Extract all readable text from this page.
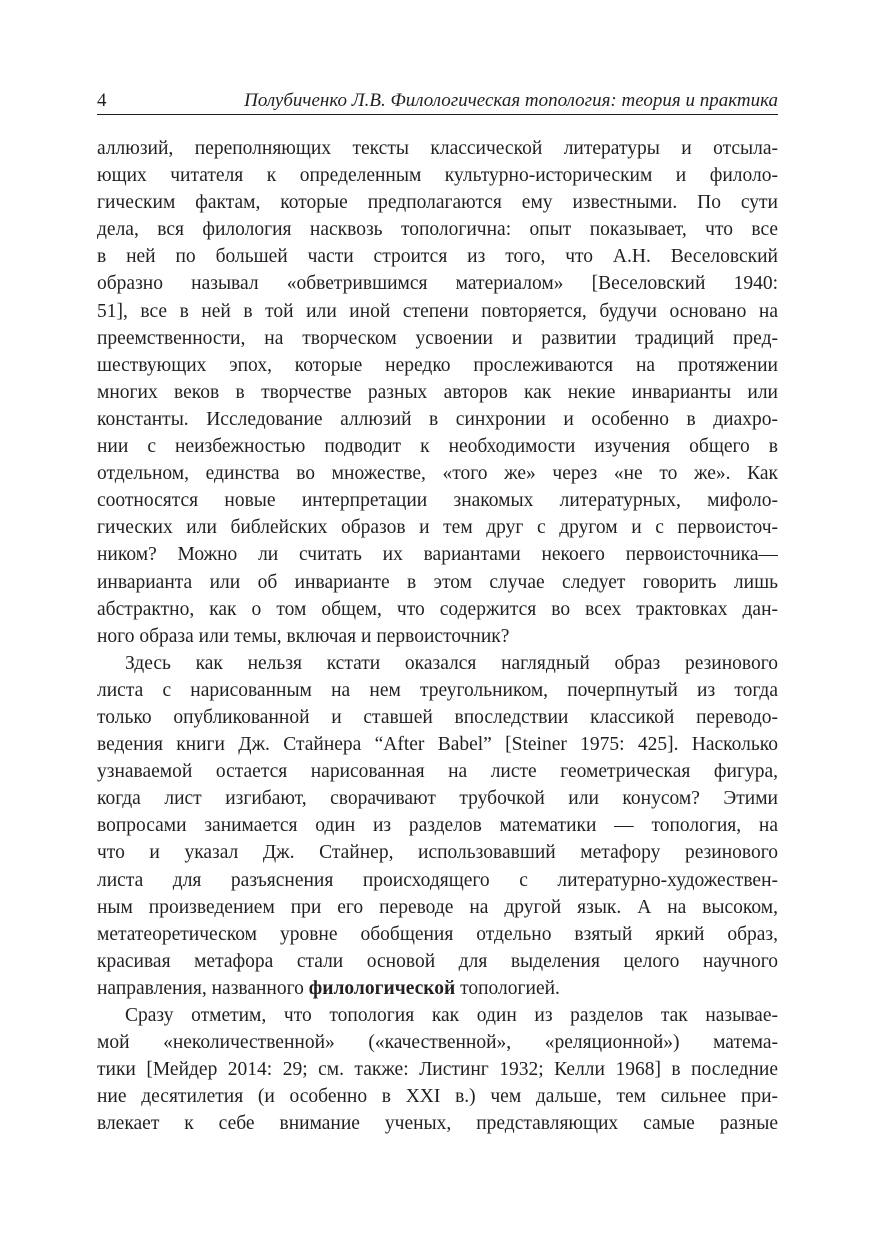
4	Полубиченко Л.В. Филологическая топология: теория и практика
аллюзий, переполняющих тексты классической литературы и отсыла-
ющих читателя к определенным культурно-историческим и филоло-
гическим фактам, которые предполагаются ему известными. По сути
дела, вся филология насквозь топологична: опыт показывает, что все
в ней по большей части строится из того, что А.Н. Веселовский
образно называл «обветрившимся материалом» [Веселовский 1940:
51], все в ней в той или иной степени повторяется, будучи основано на
преемственности, на творческом усвоении и развитии традиций пред-
шествующих эпох, которые нередко прослеживаются на протяжении
многих веков в творчестве разных авторов как некие инварианты или
константы. Исследование аллюзий в синхронии и особенно в диахро-
нии с неизбежностью подводит к необходимости изучения общего в
отдельном, единства во множестве, «того же» через «не то же». Как
соотносятся новые интерпретации знакомых литературных, мифоло-
гических или библейских образов и тем друг с другом и с первоисточ-
ником? Можно ли считать их вариантами некоего первоисточника—
инварианта или об инварианте в этом случае следует говорить лишь
абстрактно, как о том общем, что содержится во всех трактовках дан-
ного образа или темы, включая и первоисточник?
Здесь как нельзя кстати оказался наглядный образ резинового
листа с нарисованным на нем треугольником, почерпнутый из тогда
только опубликованной и ставшей впоследствии классикой переводо-
ведения книги Дж. Стайнера “After Babel” [Steiner 1975: 425]. Насколько
узнаваемой остается нарисованная на листе геометрическая фигура,
когда лист изгибают, сворачивают трубочкой или конусом? Этими
вопросами занимается один из разделов математики — топология, на
что и указал Дж. Стайнер, использовавший метафору резинового
листа для разъяснения происходящего с литературно-художествен-
ным произведением при его переводе на другой язык. А на высоком,
метатеоретическом уровне обобщения отдельно взятый яркий образ,
красивая метафора стали основой для выделения целого научного
направления, названного филологической топологией.
Сразу отметим, что топология как один из разделов так называе-
мой «неколичественной» («качественной», «реляционной») матема-
тики [Мейдер 2014: 29; см. также: Листинг 1932; Келли 1968] в последние
ние десятилетия (и особенно в XXI в.) чем дальше, тем сильнее при-
влекает к себе внимание ученых, представляющих самые разные
